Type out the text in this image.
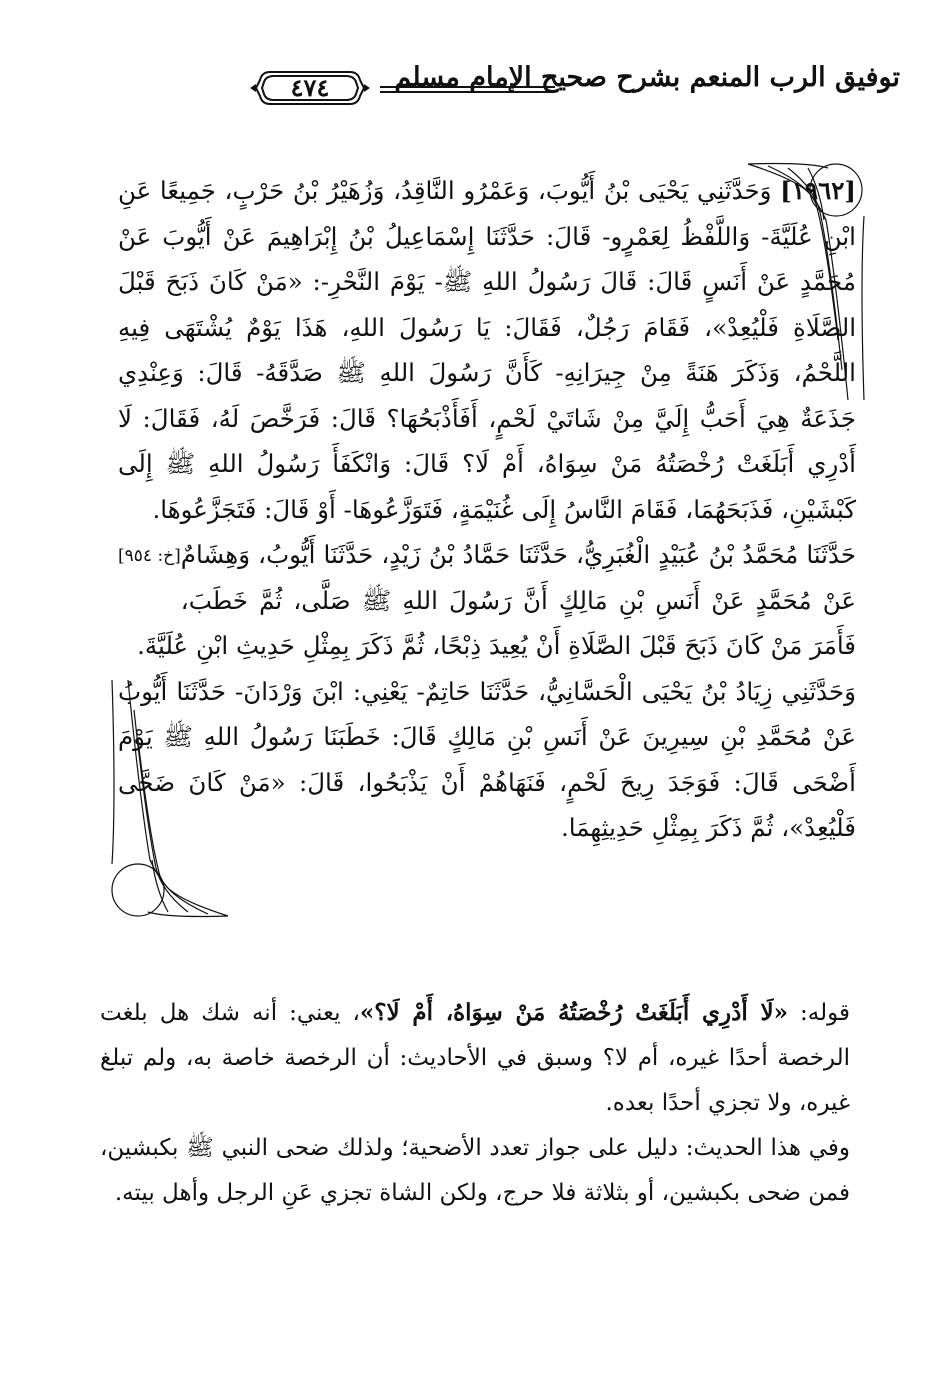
توفيق الرب المنعم بشرح صحيح الإمام مسلم
٤٧٤

[١٩٦٢] وَحَدَّثَنِي يَحْيَى بْنُ أَيُّوبَ، وَعَمْرُو النَّاقِدُ، وَزُهَيْرُ بْنُ حَرْبٍ، جَمِيعًا عَنِ ابْنِ عُلَيَّةَ- وَاللَّفْظُ لِعَمْرٍو- قَالَ: حَدَّثَنَا إِسْمَاعِيلُ بْنُ إِبْرَاهِيمَ عَنْ أَيُّوبَ عَنْ مُحَمَّدٍ عَنْ أَنَسٍ قَالَ: قَالَ رَسُولُ اللهِ ﷺ- يَوْمَ النَّحْرِ-: «مَنْ كَانَ ذَبَحَ قَبْلَ الصَّلَاةِ فَلْيُعِدْ»، فَقَامَ رَجُلٌ، فَقَالَ: يَا رَسُولَ اللهِ، هَذَا يَوْمٌ يُشْتَهَى فِيهِ اللَّحْمُ، وَذَكَرَ هَنَةً مِنْ جِيرَانِهِ- كَأَنَّ رَسُولَ اللهِ ﷺ صَدَّقَهُ- قَالَ: وَعِنْدِي جَذَعَةٌ هِيَ أَحَبُّ إِلَيَّ مِنْ شَاتَيْ لَحْمٍ، أَفَأَذْبَحُهَا؟ قَالَ: فَرَخَّصَ لَهُ، فَقَالَ: لَا أَدْرِي أَبَلَغَتْ رُخْصَتُهُ مَنْ سِوَاهُ، أَمْ لَا؟ قَالَ: وَانْكَفَأَ رَسُولُ اللهِ ﷺ إِلَى كَبْشَيْنِ، فَذَبَحَهُمَا، فَقَامَ النَّاسُ إِلَى غُنَيْمَةٍ، فَتَوَزَّعُوهَا- أَوْ قَالَ: فَتَجَزَّعُوهَا.
[خ: ٩٥٤] حَدَّثَنَا مُحَمَّدُ بْنُ عُبَيْدٍ الْغُبَرِيُّ، حَدَّثَنَا حَمَّادُ بْنُ زَيْدٍ، حَدَّثَنَا أَيُّوبُ، وَهِشَامٌ عَنْ مُحَمَّدٍ عَنْ أَنَسِ بْنِ مَالِكٍ أَنَّ رَسُولَ اللهِ ﷺ صَلَّى، ثُمَّ خَطَبَ، فَأَمَرَ مَنْ كَانَ ذَبَحَ قَبْلَ الصَّلَاةِ أَنْ يُعِيدَ ذِبْحًا، ثُمَّ ذَكَرَ بِمِثْلِ حَدِيثِ ابْنِ عُلَيَّةَ.

وَحَدَّثَنِي زِيَادُ بْنُ يَحْيَى الْحَسَّانِيُّ، حَدَّثَنَا حَاتِمٌ- يَعْنِي: ابْنَ وَرْدَانَ- حَدَّثَنَا أَيُّوبُ عَنْ مُحَمَّدِ بْنِ سِيرِينَ عَنْ أَنَسِ بْنِ مَالِكٍ قَالَ: خَطَبَنَا رَسُولُ اللهِ ﷺ يَوْمَ أَضْحَى قَالَ: فَوَجَدَ رِيحَ لَحْمٍ، فَنَهَاهُمْ أَنْ يَذْبَحُوا، قَالَ: «مَنْ كَانَ ضَحَّى فَلْيُعِدْ»، ثُمَّ ذَكَرَ بِمِثْلِ حَدِيثِهِمَا.

قوله: «لَا أَدْرِي أَبَلَغَتْ رُخْصَتُهُ مَنْ سِوَاهُ، أَمْ لَا؟»، يعني: أنه شك هل بلغت الرخصة أحدًا غيره، أم لا؟ وسبق في الأحاديث: أن الرخصة خاصة به، ولم تبلغ غيره، ولا تجزي أحدًا بعده.

وفي هذا الحديث: دليل على جواز تعدد الأضحية؛ ولذلك ضحى النبي ﷺ بكبشين، فمن ضحى بكبشين، أو بثلاثة فلا حرج، ولكن الشاة تجزي عَنِ الرجل وأهل بيته.
